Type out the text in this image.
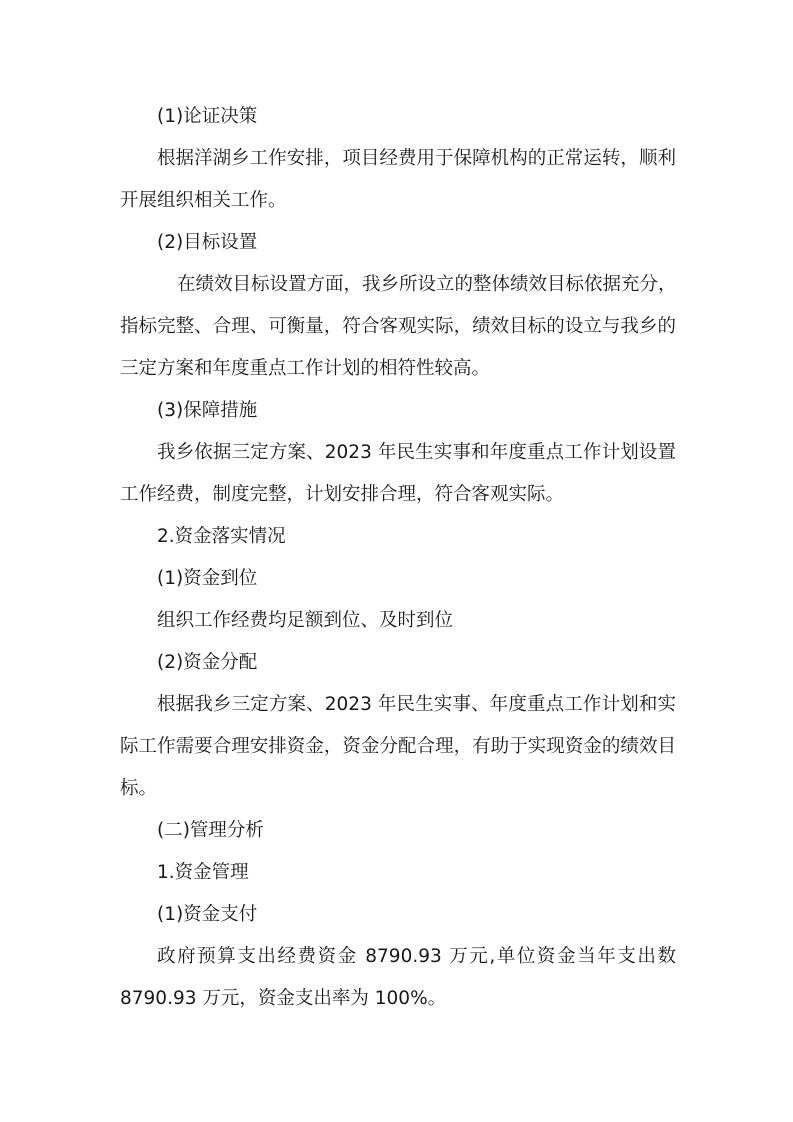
(1)论证决策
根据洋湖乡工作安排，项目经费用于保障机构的正常运转，顺利
开展组织相关工作。
(2)目标设置
在绩效目标设置方面，我乡所设立的整体绩效目标依据充分，
指标完整、合理、可衡量，符合客观实际，绩效目标的设立与我乡的
三定方案和年度重点工作计划的相符性较高。
(3)保障措施
我乡依据三定方案、2023 年民生实事和年度重点工作计划设置
工作经费，制度完整，计划安排合理，符合客观实际。
2.资金落实情况
(1)资金到位
组织工作经费均足额到位、及时到位
(2)资金分配
根据我乡三定方案、2023 年民生实事、年度重点工作计划和实
际工作需要合理安排资金，资金分配合理，有助于实现资金的绩效目
标。
(二)管理分析
1.资金管理
(1)资金支付
政府预算支出经费资金 8790.93 万元,单位资金当年支出数
8790.93 万元，资金支出率为 100%。
